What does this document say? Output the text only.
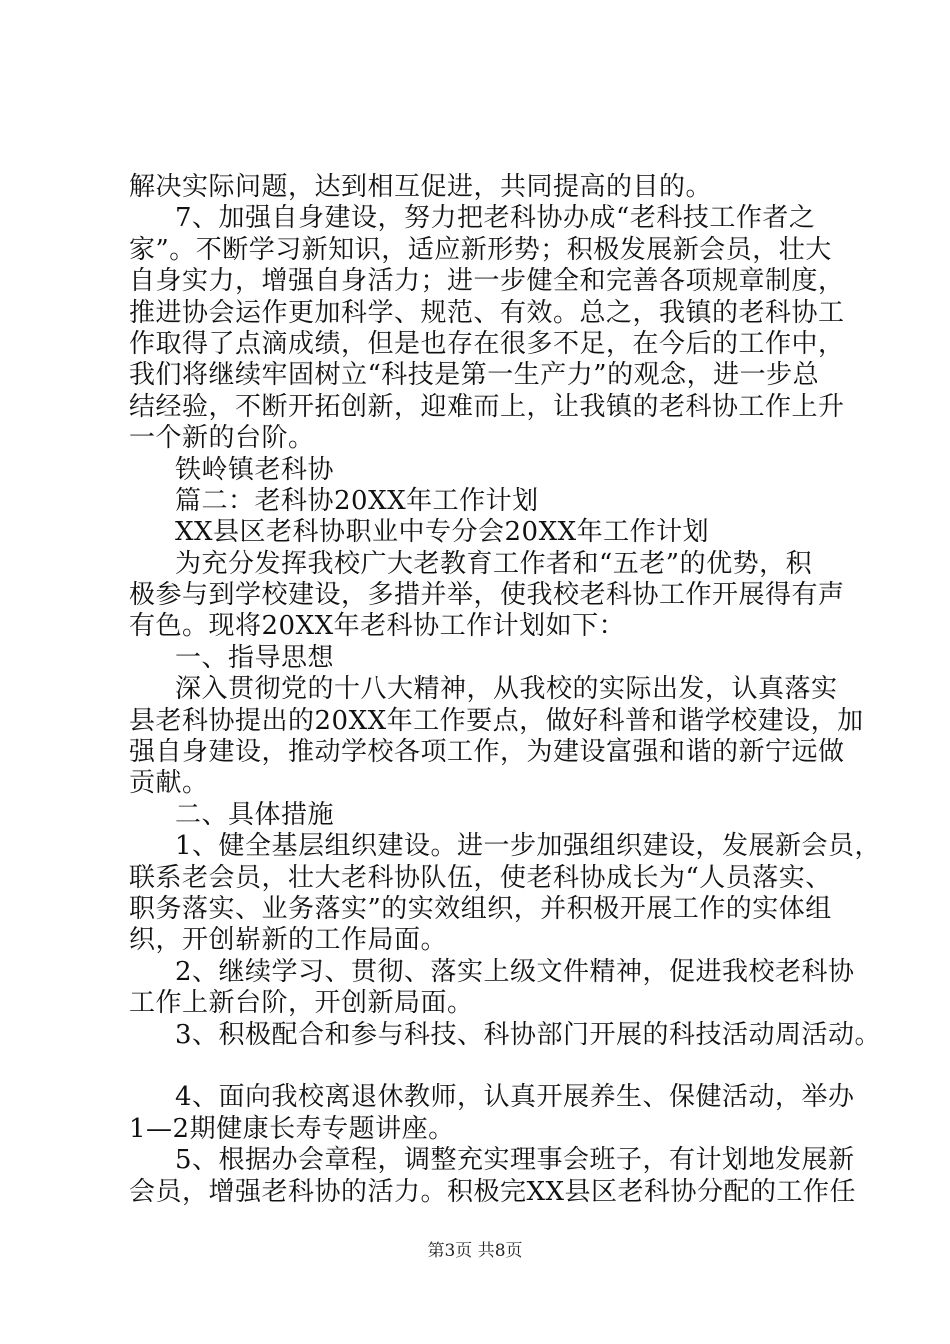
解决实际问题，达到相互促进，共同提高的目的。
7、加强自身建设，努力把老科协办成“老科技工作者之
家”。不断学习新知识，适应新形势；积极发展新会员，壮大
自身实力，增强自身活力；进一步健全和完善各项规章制度，
推进协会运作更加科学、规范、有效。总之，我镇的老科协工
作取得了点滴成绩，但是也存在很多不足，在今后的工作中，
我们将继续牢固树立“科技是第一生产力”的观念，进一步总
结经验，不断开拓创新，迎难而上，让我镇的老科协工作上升
一个新的台阶。
铁岭镇老科协
篇二：老科协20XX年工作计划
XX县区老科协职业中专分会20XX年工作计划
为充分发挥我校广大老教育工作者和“五老”的优势，积
极参与到学校建设，多措并举，使我校老科协工作开展得有声
有色。现将20XX年老科协工作计划如下：
一、指导思想
深入贯彻党的十八大精神，从我校的实际出发，认真落实
县老科协提出的20XX年工作要点，做好科普和谐学校建设，加
强自身建设，推动学校各项工作，为建设富强和谐的新宁远做
贡献。
二、具体措施
1、健全基层组织建设。进一步加强组织建设，发展新会员，
联系老会员，壮大老科协队伍，使老科协成长为“人员落实、
职务落实、业务落实”的实效组织，并积极开展工作的实体组
织，开创崭新的工作局面。
2、继续学习、贯彻、落实上级文件精神，促进我校老科协
工作上新台阶，开创新局面。
3、积极配合和参与科技、科协部门开展的科技活动周活动。
4、面向我校离退休教师，认真开展养生、保健活动，举办
1—2期健康长寿专题讲座。
5、根据办会章程，调整充实理事会班子，有计划地发展新
会员，增强老科协的活力。积极完XX县区老科协分配的工作任
第3页 共8页
